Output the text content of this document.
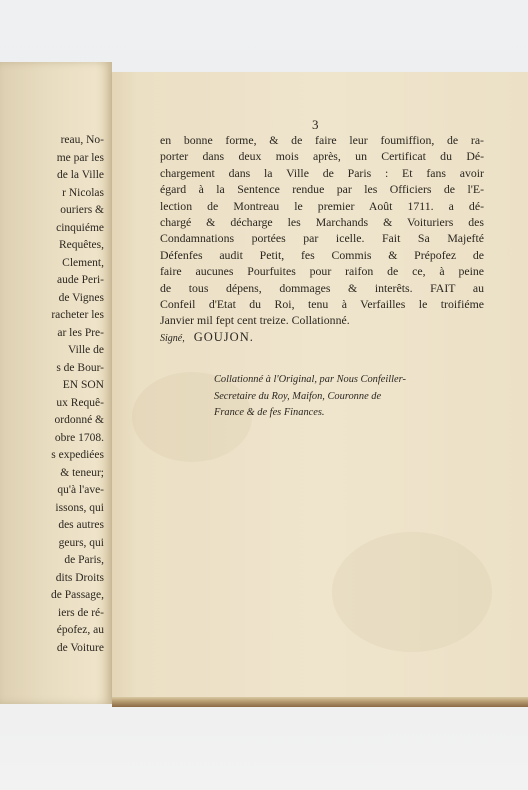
reau, No-
me par les
de la Ville
r Nicolas
ouriers &
cinquiéme
Requêtes,
Clement,
aude Peri-
de Vignes
racheter les
ar les Pre-
Ville de
s de Bour-
EN SON
ux Requê-
ordonné &
obre 1708.
s expediées
& teneur;
qu'à l'ave-
issons, qui
des autres
geurs, qui
de Paris,
dits Droits
de Passage,
iers de ré-
épofez, au
de Voiture
3
en bonne forme, & de faire leur foumiffion, de ra-
porter dans deux mois après, un Certificat du Dé-
chargement dans la Ville de Paris : Et fans avoir
égard à la Sentence rendue par les Officiers de l'E-
lection de Montreau le premier Août 1711. a dé-
chargé & décharge les Marchands & Voituriers des
Condamnations portées par icelle. Fait Sa Majefté
Défenfes audit Petit, fes Commis & Prépofez de
faire aucunes Pourfuites pour raifon de ce, à peine
de tous dépens, dommages & interêts. FAIT au
Confeil d'Etat du Roi, tenu à Verfailles le troifiéme
Janvier mil fept cent treize. Collationné.
Signé, GOUJON.
Collationné à l'Original, par Nous Confeiller-
Secretaire du Roy, Maifon, Couronne de
France & de fes Finances.
